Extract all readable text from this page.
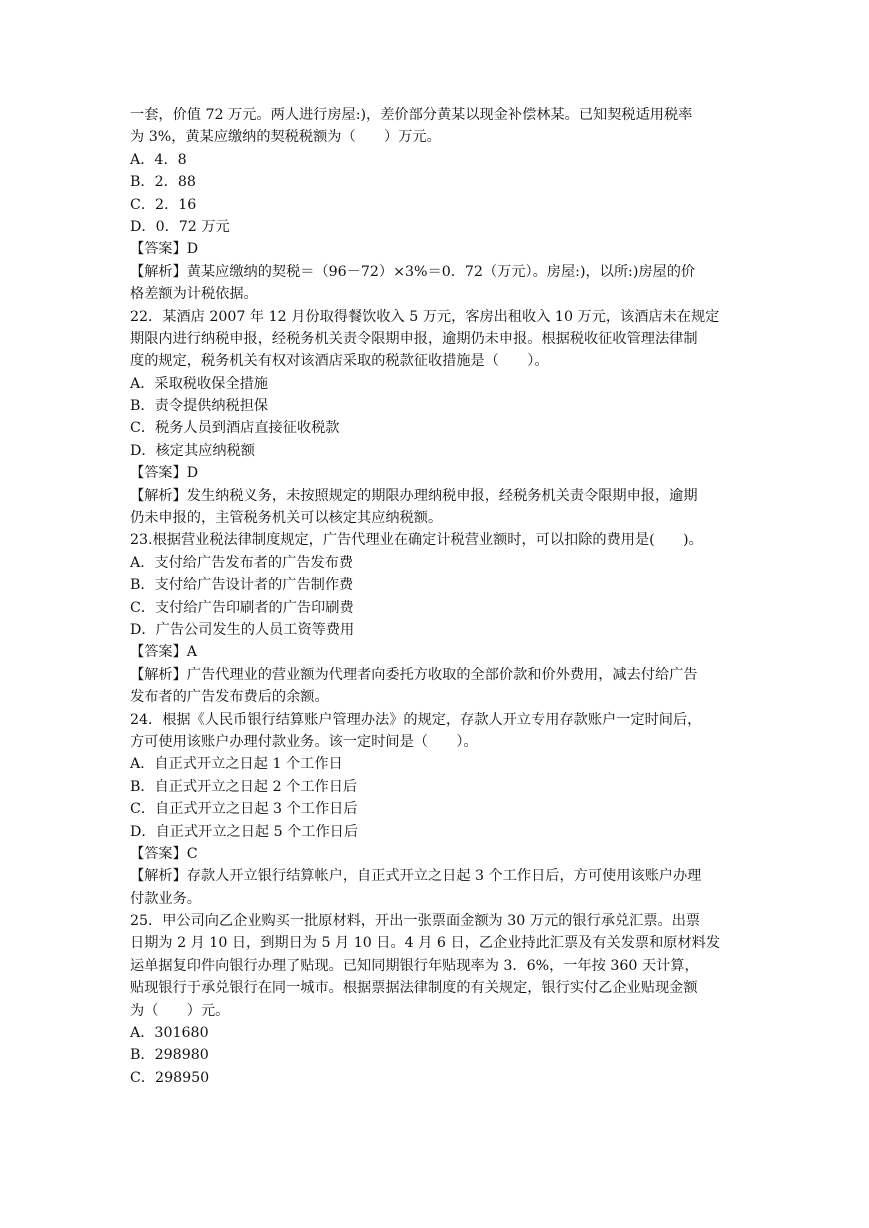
一套，价值 72 万元。两人进行房屋:)，差价部分黄某以现金补偿林某。已知契税适用税率
为 3%，黄某应缴纳的契税税额为（　　）万元。
A．4．8
B．2．88
C．2．16
D．0．72 万元
【答案】D
【解析】黄某应缴纳的契税＝（96－72）×3%＝0．72（万元）。房屋:)，以所:)房屋的价
格差额为计税依据。
22．某酒店 2007 年 12 月份取得餐饮收入 5 万元，客房出租收入 10 万元，该酒店未在规定
期限内进行纳税申报，经税务机关责令限期申报，逾期仍未申报。根据税收征收管理法律制
度的规定，税务机关有权对该酒店采取的税款征收措施是（　　）。
A．采取税收保全措施
B．责令提供纳税担保
C．税务人员到酒店直接征收税款
D．核定其应纳税额
【答案】D
【解析】发生纳税义务，未按照规定的期限办理纳税申报，经税务机关责令限期申报，逾期
仍未申报的，主管税务机关可以核定其应纳税额。
23.根据营业税法律制度规定，广告代理业在确定计税营业额时，可以扣除的费用是(　　)。
A．支付给广告发布者的广告发布费
B．支付给广告设计者的广告制作费
C．支付给广告印刷者的广告印刷费
D．广告公司发生的人员工资等费用
【答案】A
【解析】广告代理业的营业额为代理者向委托方收取的全部价款和价外费用，减去付给广告
发布者的广告发布费后的余额。
24．根据《人民币银行结算账户管理办法》的规定，存款人开立专用存款账户一定时间后，
方可使用该账户办理付款业务。该一定时间是（　　）。
A．自正式开立之日起 1 个工作日
B．自正式开立之日起 2 个工作日后
C．自正式开立之日起 3 个工作日后
D．自正式开立之日起 5 个工作日后
【答案】C
【解析】存款人开立银行结算帐户，自正式开立之日起 3 个工作日后，方可使用该账户办理
付款业务。
25．甲公司向乙企业购买一批原材料，开出一张票面金额为 30 万元的银行承兑汇票。出票
日期为 2 月 10 日，到期日为 5 月 10 日。4 月 6 日，乙企业持此汇票及有关发票和原材料发
运单据复印件向银行办理了贴现。已知同期银行年贴现率为 3．6%，一年按 360 天计算，
贴现银行于承兑银行在同一城市。根据票据法律制度的有关规定，银行实付乙企业贴现金额
为（　　）元。
A．301680
B．298980
C．298950
